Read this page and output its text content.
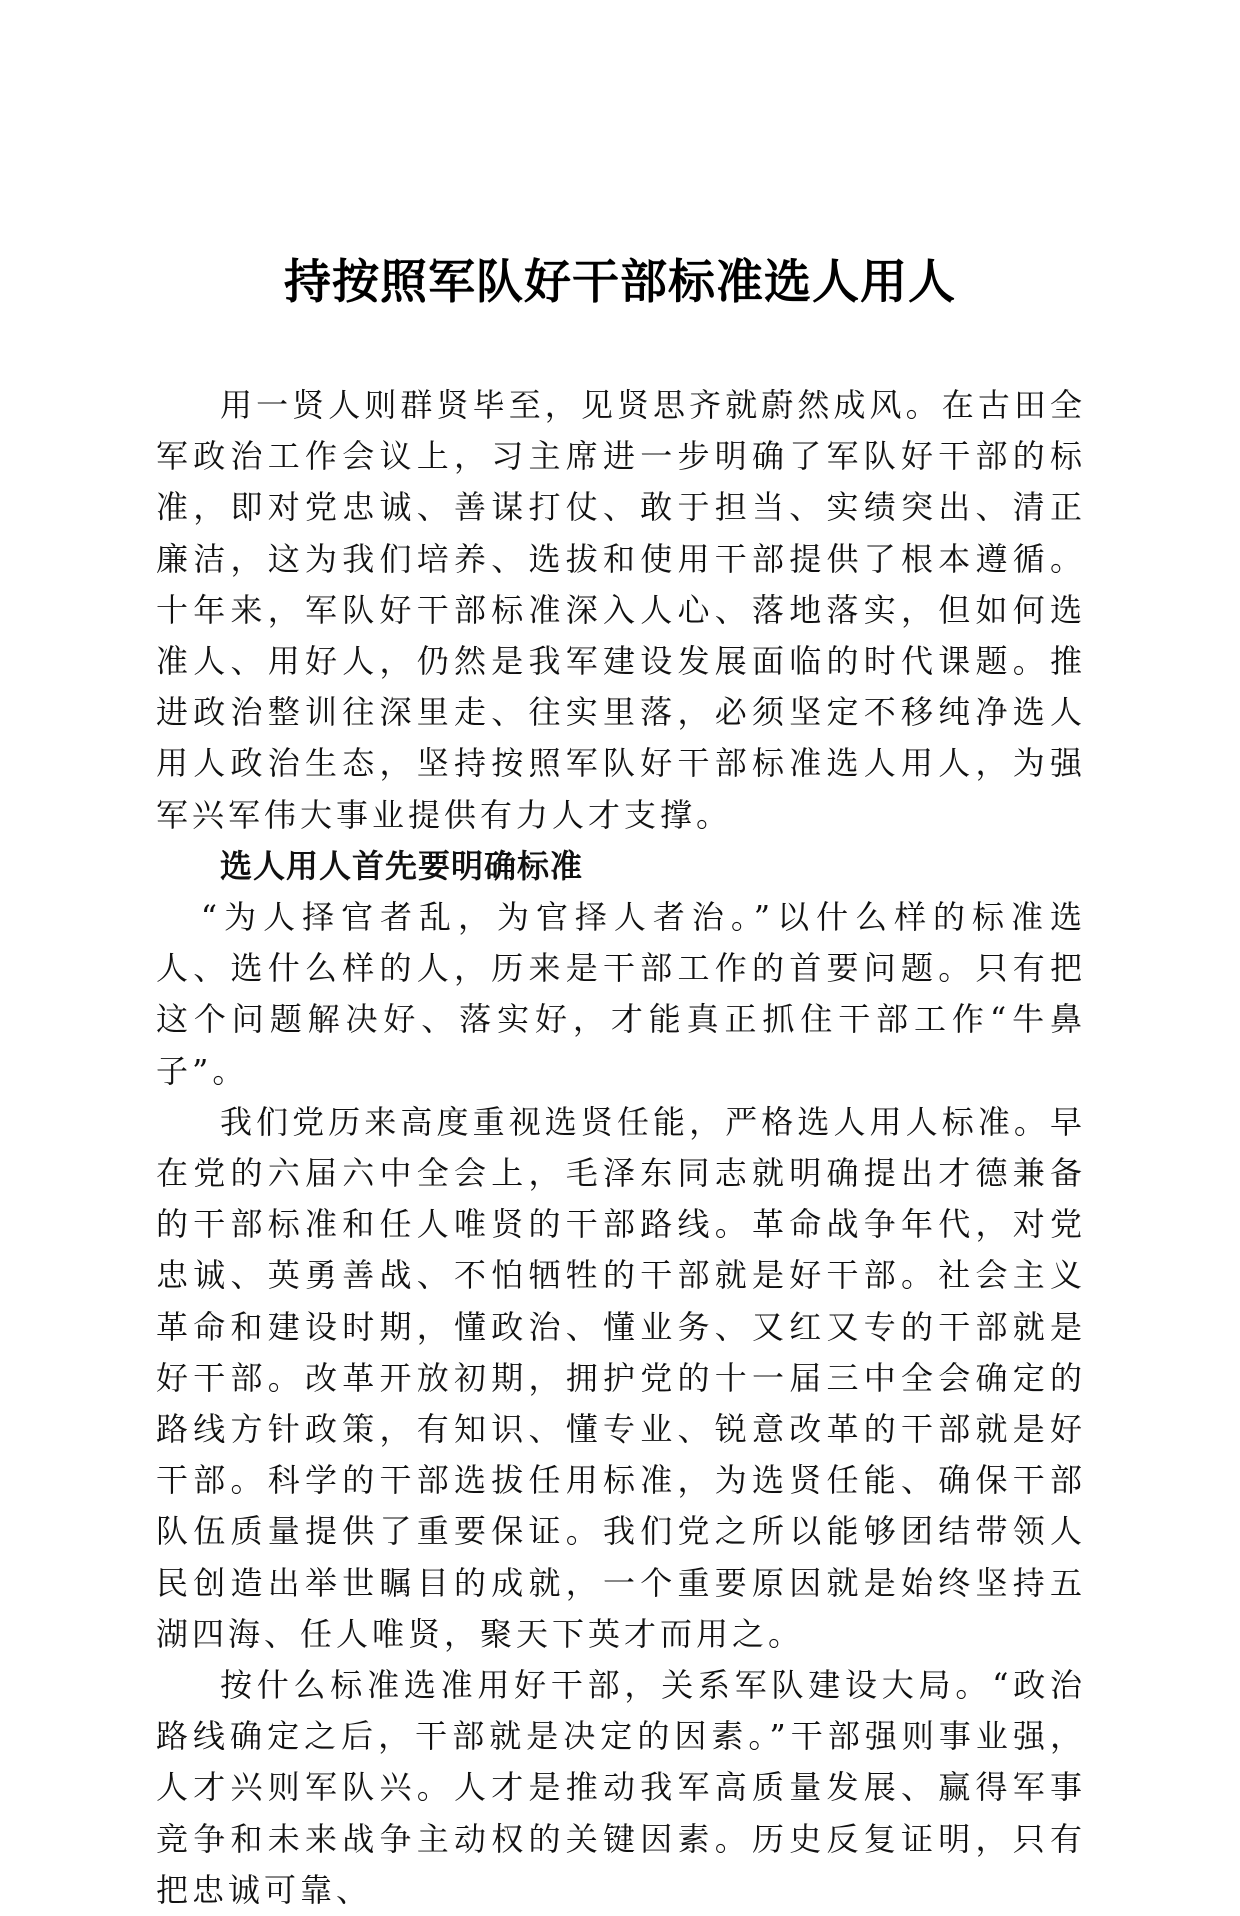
持按照军队好干部标准选人用人

用一贤人则群贤毕至，见贤思齐就蔚然成风。在古田全军政治工作会议上，习主席进一步明确了军队好干部的标准，即对党忠诚、善谋打仗、敢于担当、实绩突出、清正廉洁，这为我们培养、选拔和使用干部提供了根本遵循。十年来，军队好干部标准深入人心、落地落实，但如何选准人、用好人，仍然是我军建设发展面临的时代课题。推进政治整训往深里走、往实里落，必须坚定不移纯净选人用人政治生态，坚持按照军队好干部标准选人用人，为强军兴军伟大事业提供有力人才支撑。

选人用人首先要明确标准

“为人择官者乱，为官择人者治。”以什么样的标准选人、选什么样的人，历来是干部工作的首要问题。只有把这个问题解决好、落实好，才能真正抓住干部工作“牛鼻子”。

我们党历来高度重视选贤任能，严格选人用人标准。早在党的六届六中全会上，毛泽东同志就明确提出才德兼备的干部标准和任人唯贤的干部路线。革命战争年代，对党忠诚、英勇善战、不怕牺牲的干部就是好干部。社会主义革命和建设时期，懂政治、懂业务、又红又专的干部就是好干部。改革开放初期，拥护党的十一届三中全会确定的路线方针政策，有知识、懂专业、锐意改革的干部就是好干部。科学的干部选拔任用标准，为选贤任能、确保干部队伍质量提供了重要保证。我们党之所以能够团结带领人民创造出举世瞩目的成就，一个重要原因就是始终坚持五湖四海、任人唯贤，聚天下英才而用之。

按什么标准选准用好干部，关系军队建设大局。“政治路线确定之后，干部就是决定的因素。”干部强则事业强，人才兴则军队兴。人才是推动我军高质量发展、赢得军事竞争和未来战争主动权的关键因素。历史反复证明，只有把忠诚可靠、
